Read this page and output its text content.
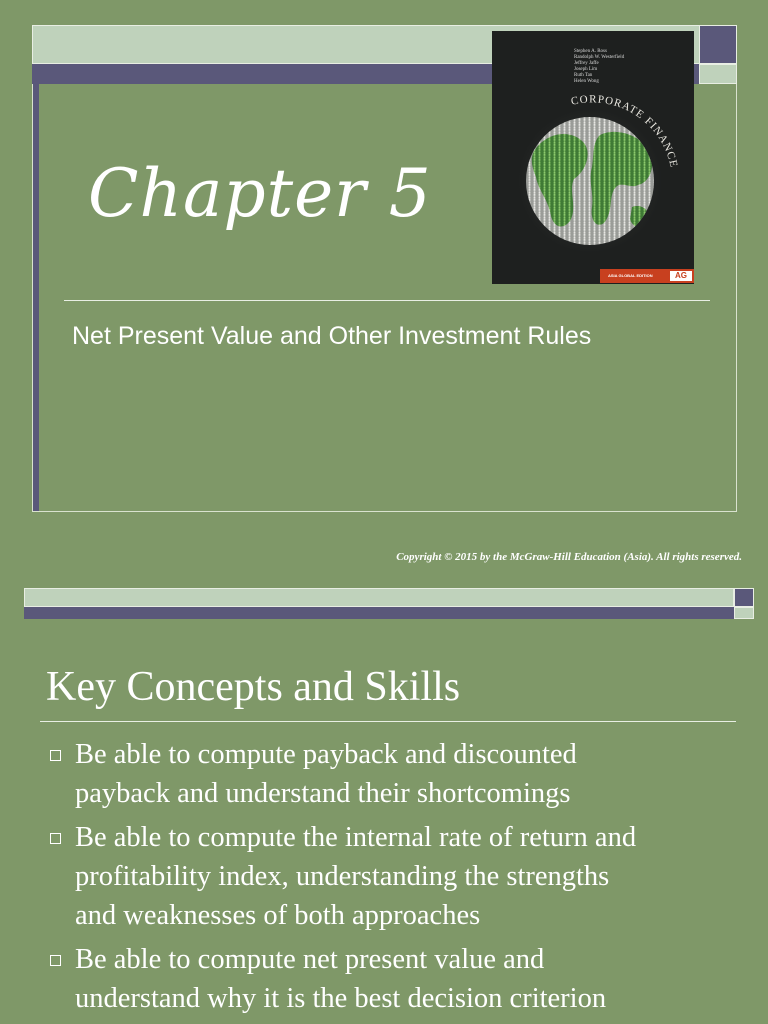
Stephen A. Ross
Randolph W. Westerfield
Jeffrey Jaffe
Joseph Lim
Ruth Tan
Helen Wong
CORPORATE FINANCE
ASIA GLOBAL EDITION	AG
Chapter 5
Net Present Value and Other Investment Rules
Copyright © 2015 by the McGraw-Hill Education (Asia). All rights reserved.
Key Concepts and Skills
Be able to compute payback and discounted
payback and understand their shortcomings
Be able to compute the internal rate of return and
profitability index, understanding the strengths
and weaknesses of both approaches
Be able to compute net present value and
understand why it is the best decision criterion
